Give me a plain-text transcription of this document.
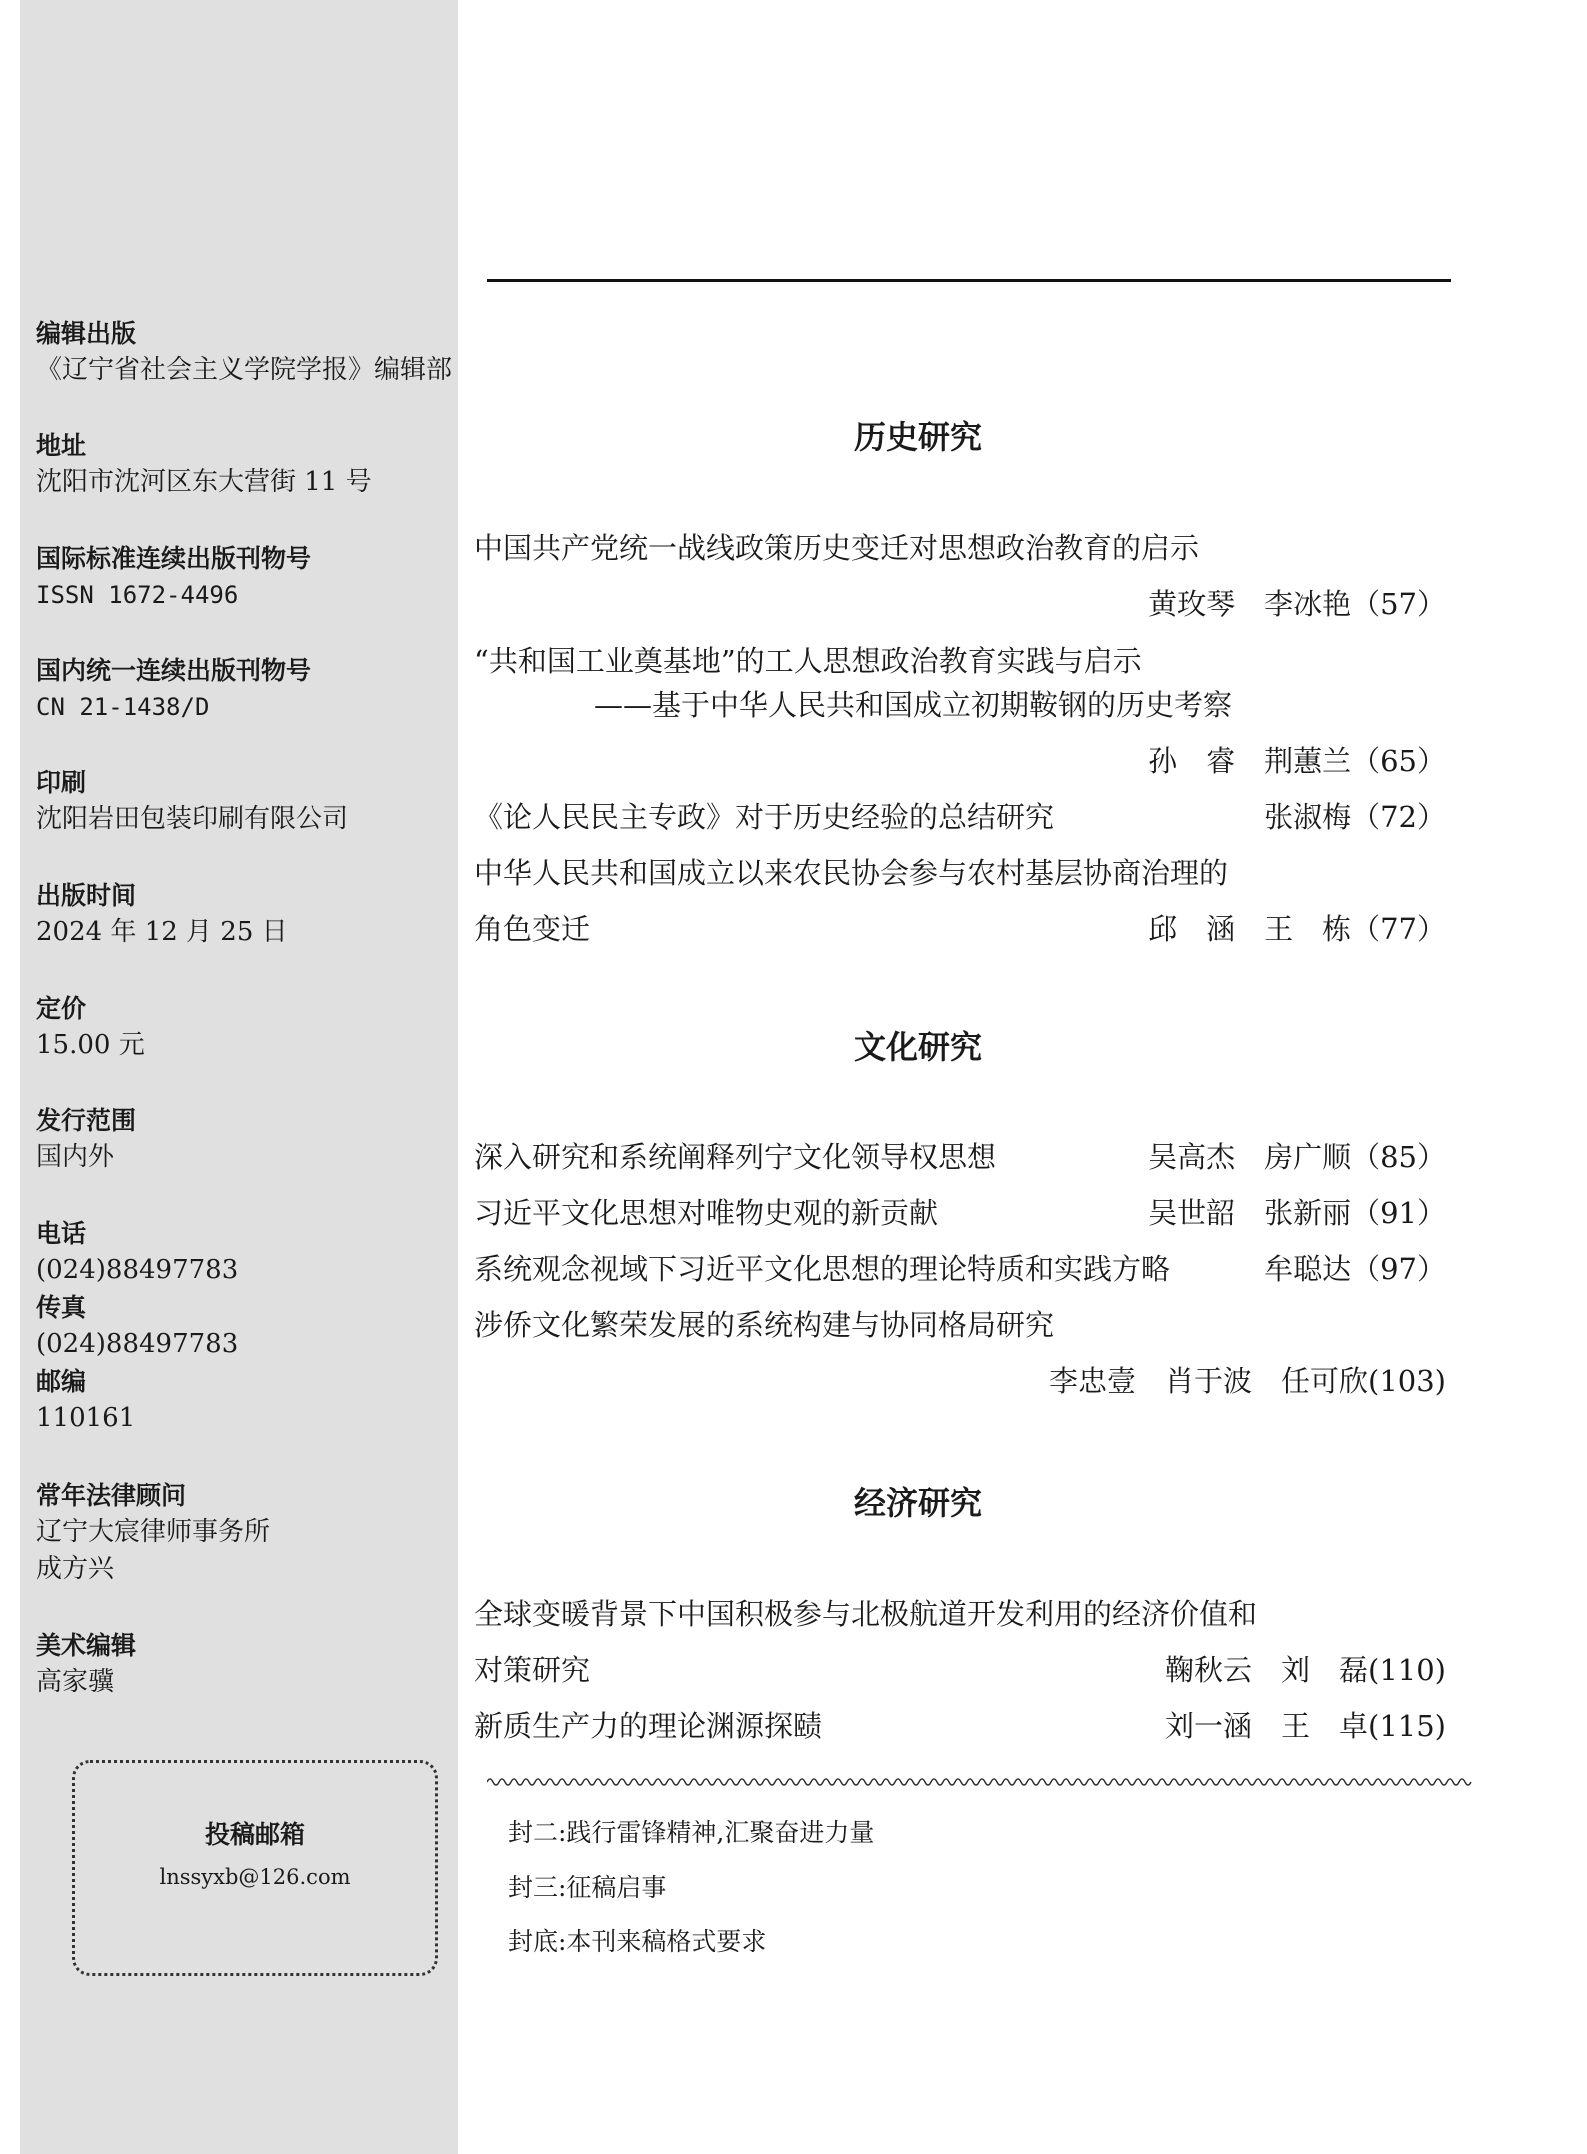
编辑出版
《辽宁省社会主义学院学报》编辑部
地址
沈阳市沈河区东大营街 11 号
国际标准连续出版刊物号
ISSN 1672-4496
国内统一连续出版刊物号
CN 21-1438/D
印刷
沈阳岩田包装印刷有限公司
出版时间
2024 年 12 月 25 日
定价
15.00 元
发行范围
国内外
电话
(024)88497783
传真
(024)88497783
邮编
110161
常年法律顾问
辽宁大宸律师事务所
成方兴
美术编辑
高家骥
投稿邮箱
lnssyxb@126.com
历史研究
中国共产党统一战线政策历史变迁对思想政治教育的启示
黄玫琴　李冰艳（57）
“共和国工业奠基地”的工人思想政治教育实践与启示
——基于中华人民共和国成立初期鞍钢的历史考察
孙　睿　荆蕙兰（65）
《论人民民主专政》对于历史经验的总结研究	张淑梅（72）
中华人民共和国成立以来农民协会参与农村基层协商治理的
角色变迁	邱　涵　王　栋（77）
文化研究
深入研究和系统阐释列宁文化领导权思想	吴高杰　房广顺（85）
习近平文化思想对唯物史观的新贡献	吴世韶　张新丽（91）
系统观念视域下习近平文化思想的理论特质和实践方略	牟聪达（97）
涉侨文化繁荣发展的系统构建与协同格局研究
李忠壹　肖于波　任可欣(103)
经济研究
全球变暖背景下中国积极参与北极航道开发利用的经济价值和
对策研究	鞠秋云　刘　磊(110)
新质生产力的理论渊源探赜	刘一涵　王　卓(115)
封二:践行雷锋精神,汇聚奋进力量
封三:征稿启事
封底:本刊来稿格式要求
